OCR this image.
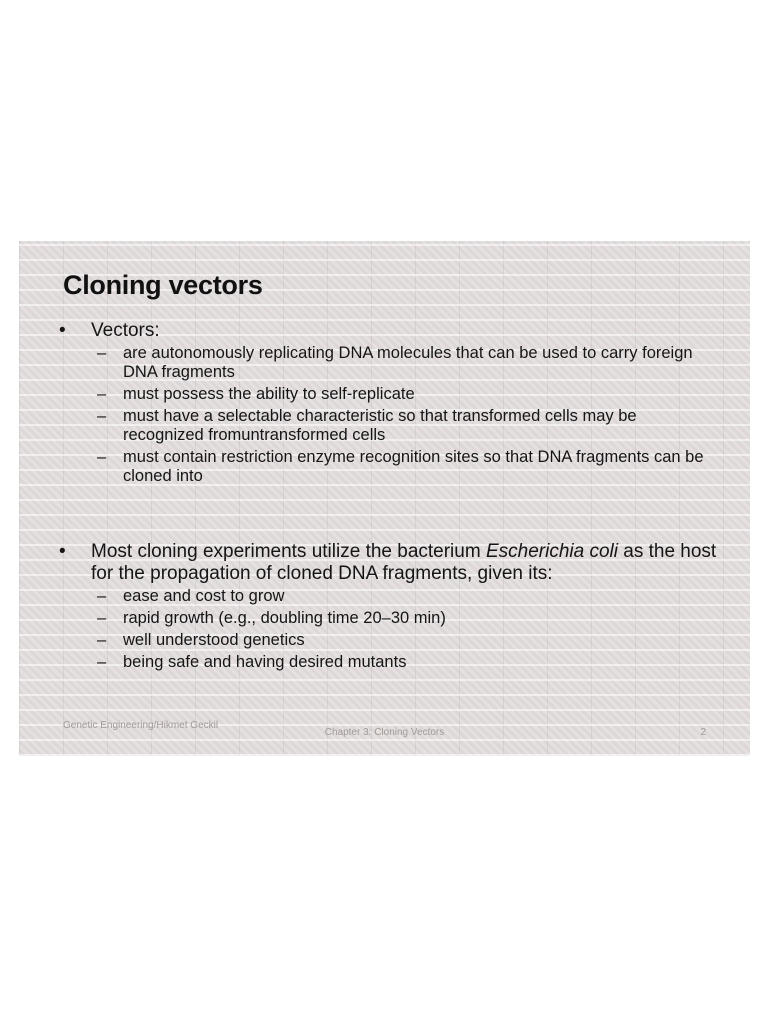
Cloning vectors
• Vectors:
– are autonomously replicating DNA molecules that can be used to carry foreign DNA fragments
– must possess the ability to self-replicate
– must have a selectable characteristic so that transformed cells may be recognized fromuntransformed cells
– must contain restriction enzyme recognition sites so that DNA fragments can be cloned into
• Most cloning experiments utilize the bacterium Escherichia coli as the host for the propagation of cloned DNA fragments, given its:
– ease and cost to grow
– rapid growth (e.g., doubling time 20–30 min)
– well understood genetics
– being safe and having desired mutants
Genetic Engineering/Hikmet Geckil
Chapter 3: Cloning Vectors	2
